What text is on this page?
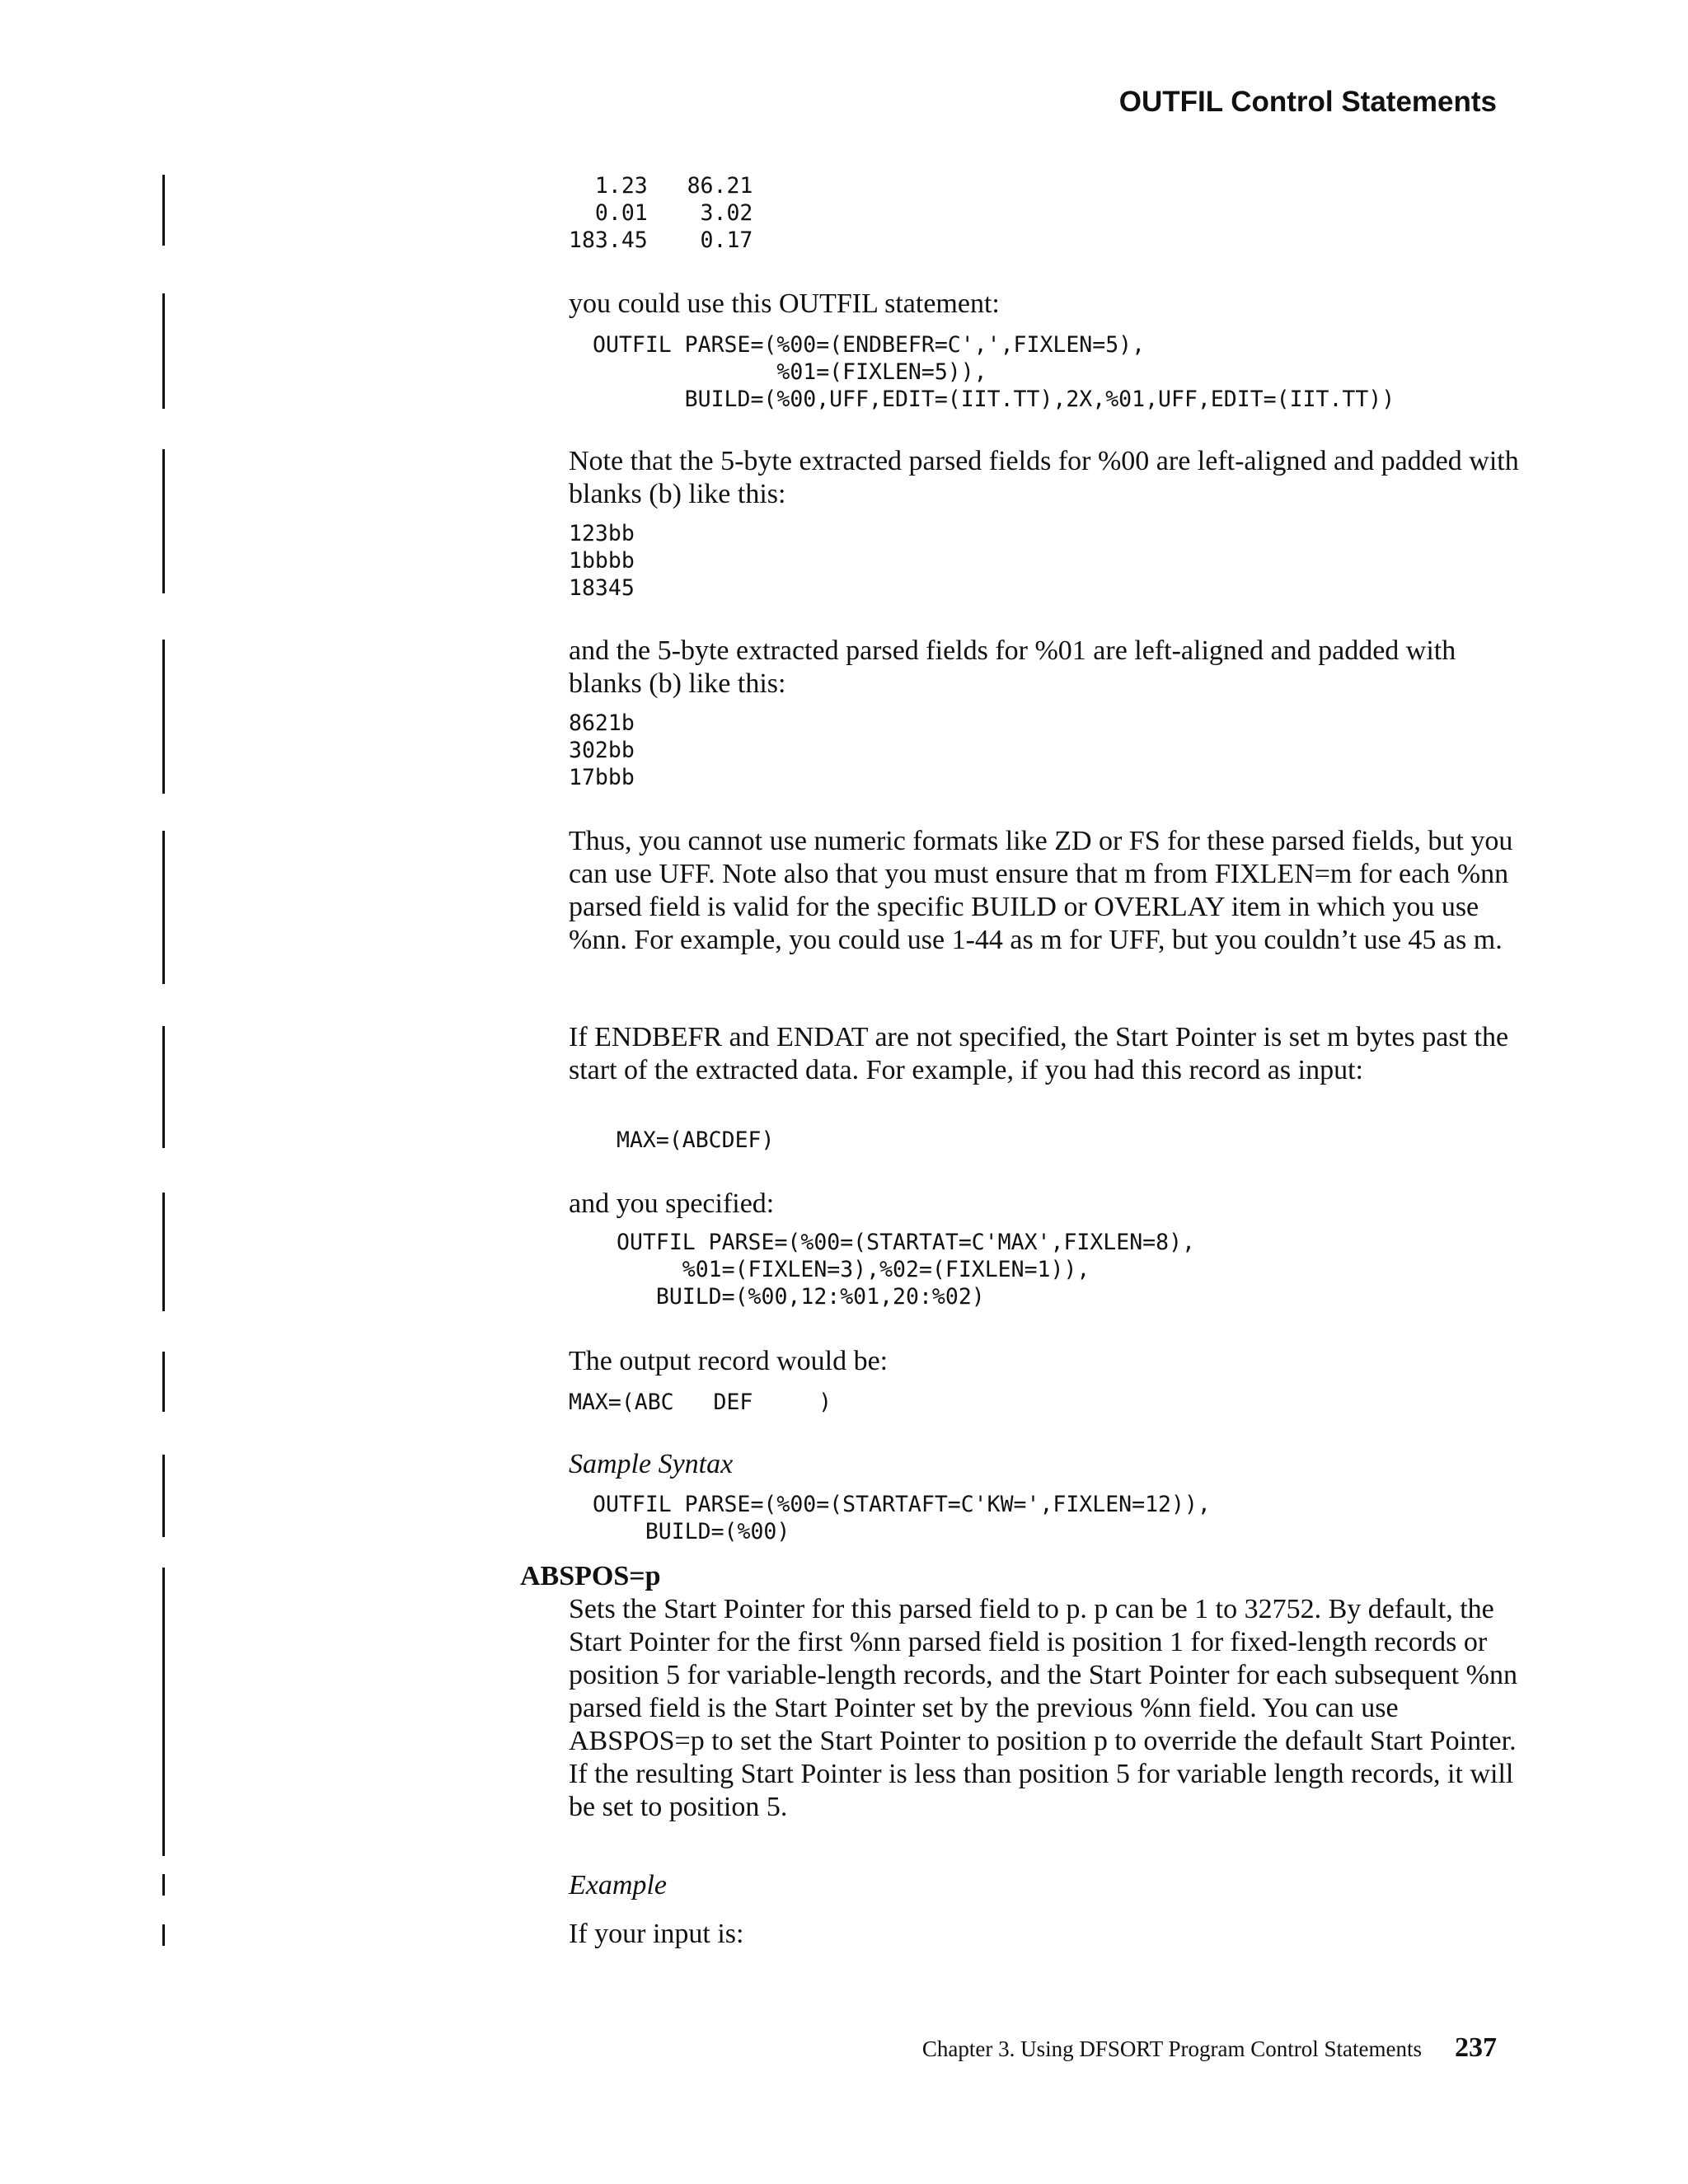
OUTFIL Control Statements
1.23   86.21
0.01    3.02
183.45    0.17
you could use this OUTFIL statement:
OUTFIL PARSE=(%00=(ENDBEFR=C',',FIXLEN=5),
%01=(FIXLEN=5)),
BUILD=(%00,UFF,EDIT=(IIT.TT),2X,%01,UFF,EDIT=(IIT.TT))
Note that the 5-byte extracted parsed fields for %00 are left-aligned and padded with blanks (b) like this:
123bb
1bbbb
18345
and the 5-byte extracted parsed fields for %01 are left-aligned and padded with blanks (b) like this:
8621b
302bb
17bbb
Thus, you cannot use numeric formats like ZD or FS for these parsed fields, but you can use UFF. Note also that you must ensure that m from FIXLEN=m for each %nn parsed field is valid for the specific BUILD or OVERLAY item in which you use %nn. For example, you could use 1-44 as m for UFF, but you couldn’t use 45 as m.
If ENDBEFR and ENDAT are not specified, the Start Pointer is set m bytes past the start of the extracted data. For example, if you had this record as input:
MAX=(ABCDEF)
and you specified:
OUTFIL PARSE=(%00=(STARTAT=C'MAX',FIXLEN=8),
%01=(FIXLEN=3),%02=(FIXLEN=1)),
BUILD=(%00,12:%01,20:%02)
The output record would be:
MAX=(ABC   DEF     )
Sample Syntax
OUTFIL PARSE=(%00=(STARTAFT=C'KW=',FIXLEN=12)),
BUILD=(%00)
ABSPOS=p
Sets the Start Pointer for this parsed field to p. p can be 1 to 32752. By default, the Start Pointer for the first %nn parsed field is position 1 for fixed-length records or position 5 for variable-length records, and the Start Pointer for each subsequent %nn parsed field is the Start Pointer set by the previous %nn field. You can use ABSPOS=p to set the Start Pointer to position p to override the default Start Pointer. If the resulting Start Pointer is less than position 5 for variable length records, it will be set to position 5.
Example
If your input is:
Chapter 3. Using DFSORT Program Control Statements 237
